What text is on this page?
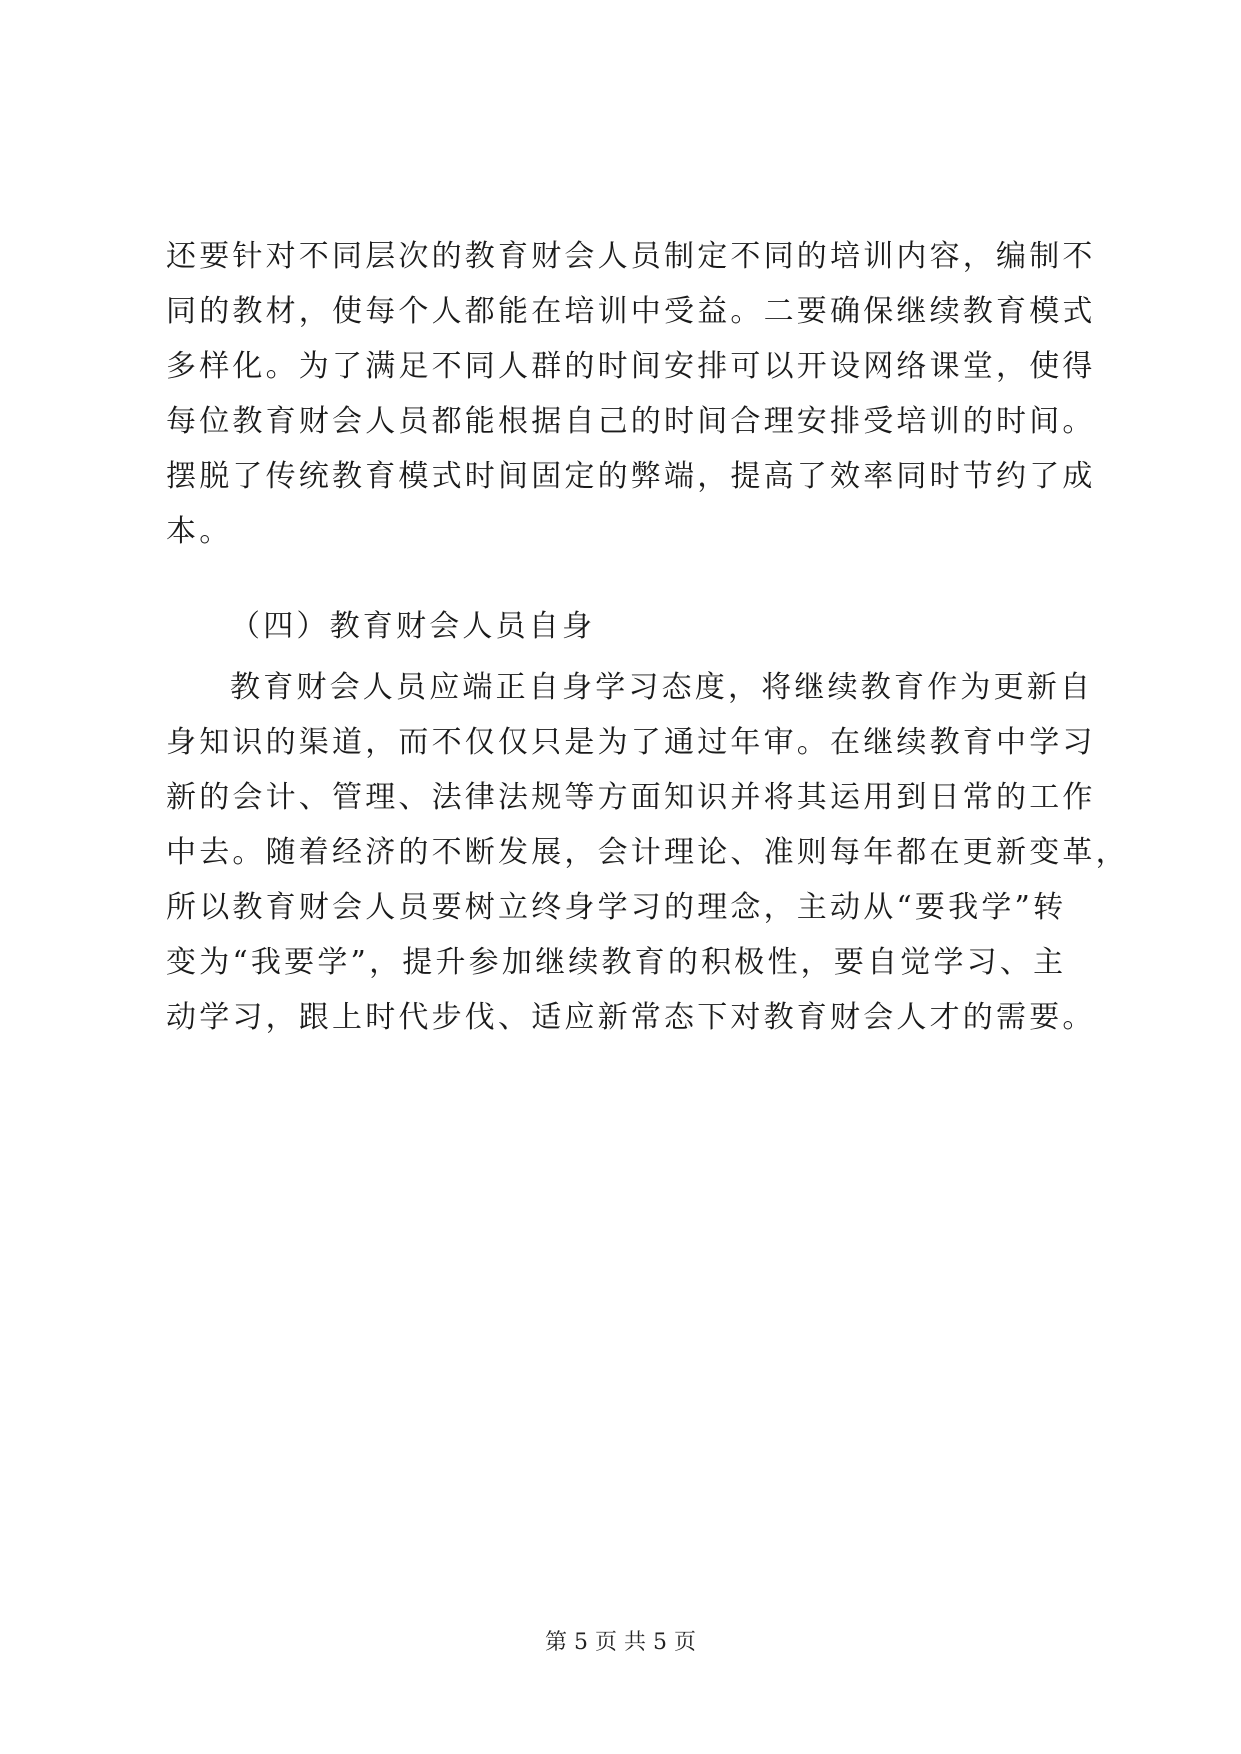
还要针对不同层次的教育财会人员制定不同的培训内容，编制不
同的教材，使每个人都能在培训中受益。二要确保继续教育模式
多样化。为了满足不同人群的时间安排可以开设网络课堂，使得
每位教育财会人员都能根据自己的时间合理安排受培训的时间。
摆脱了传统教育模式时间固定的弊端，提高了效率同时节约了成
本。
（四）教育财会人员自身
教育财会人员应端正自身学习态度，将继续教育作为更新自
身知识的渠道，而不仅仅只是为了通过年审。在继续教育中学习
新的会计、管理、法律法规等方面知识并将其运用到日常的工作
中去。随着经济的不断发展，会计理论、准则每年都在更新变革，
所以教育财会人员要树立终身学习的理念，主动从“要我学”转
变为“我要学”，提升参加继续教育的积极性，要自觉学习、主
动学习，跟上时代步伐、适应新常态下对教育财会人才的需要。
第 5 页 共 5 页
